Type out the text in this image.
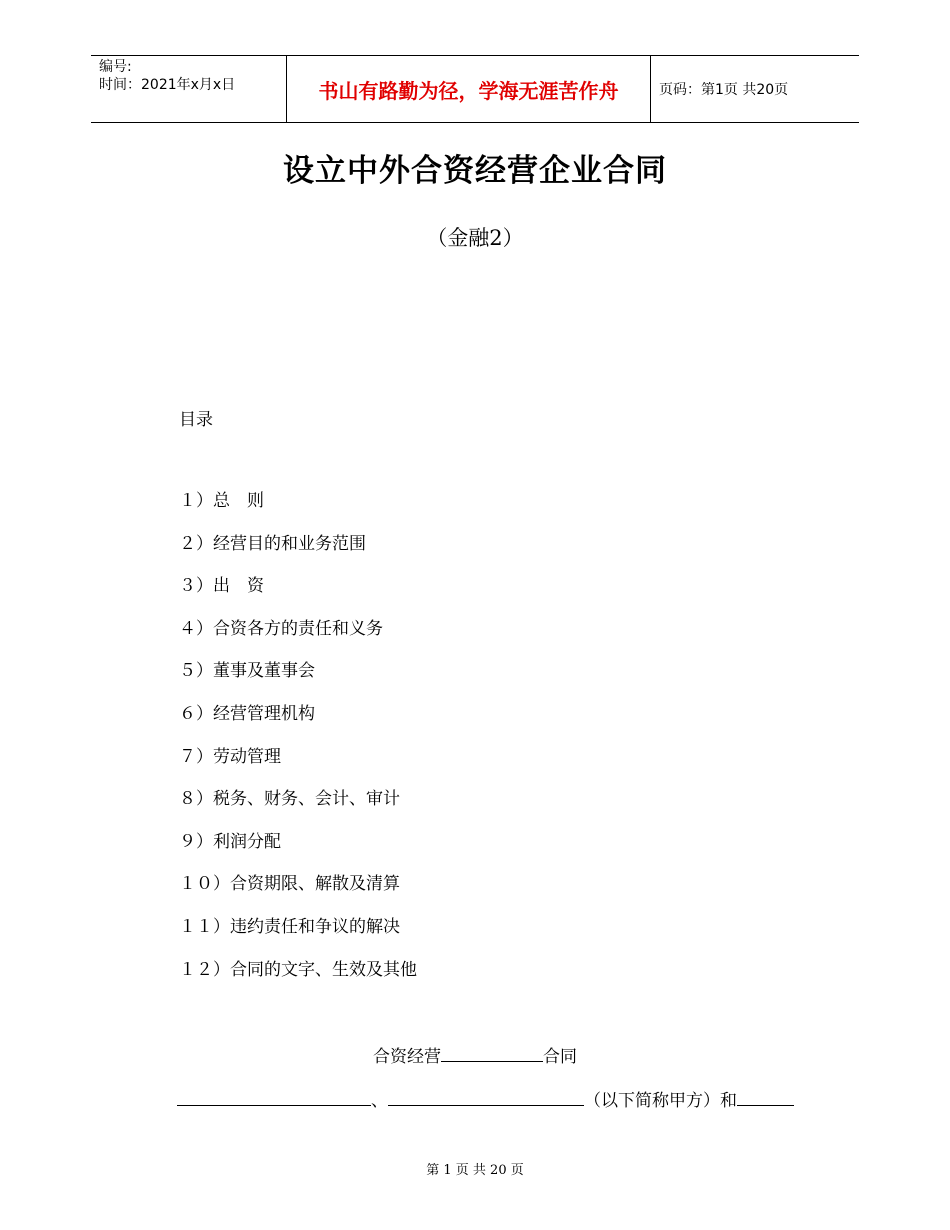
编号:
时间：2021年x月x日	书山有路勤为径，学海无涯苦作舟	页码：第1页 共20页
设立中外合资经营企业合同
（金融2）
目录
１）总　则
２）经营目的和业务范围
３）出　资
４）合资各方的责任和义务
５）董事及董事会
６）经营管理机构
７）劳动管理
８）税务、财务、会计、审计
９）利润分配
１０）合资期限、解散及清算
１１）违约责任和争议的解决
１２）合同的文字、生效及其他
合资经营	合同
、	（以下简称甲方）和
第 1 页 共 20 页
